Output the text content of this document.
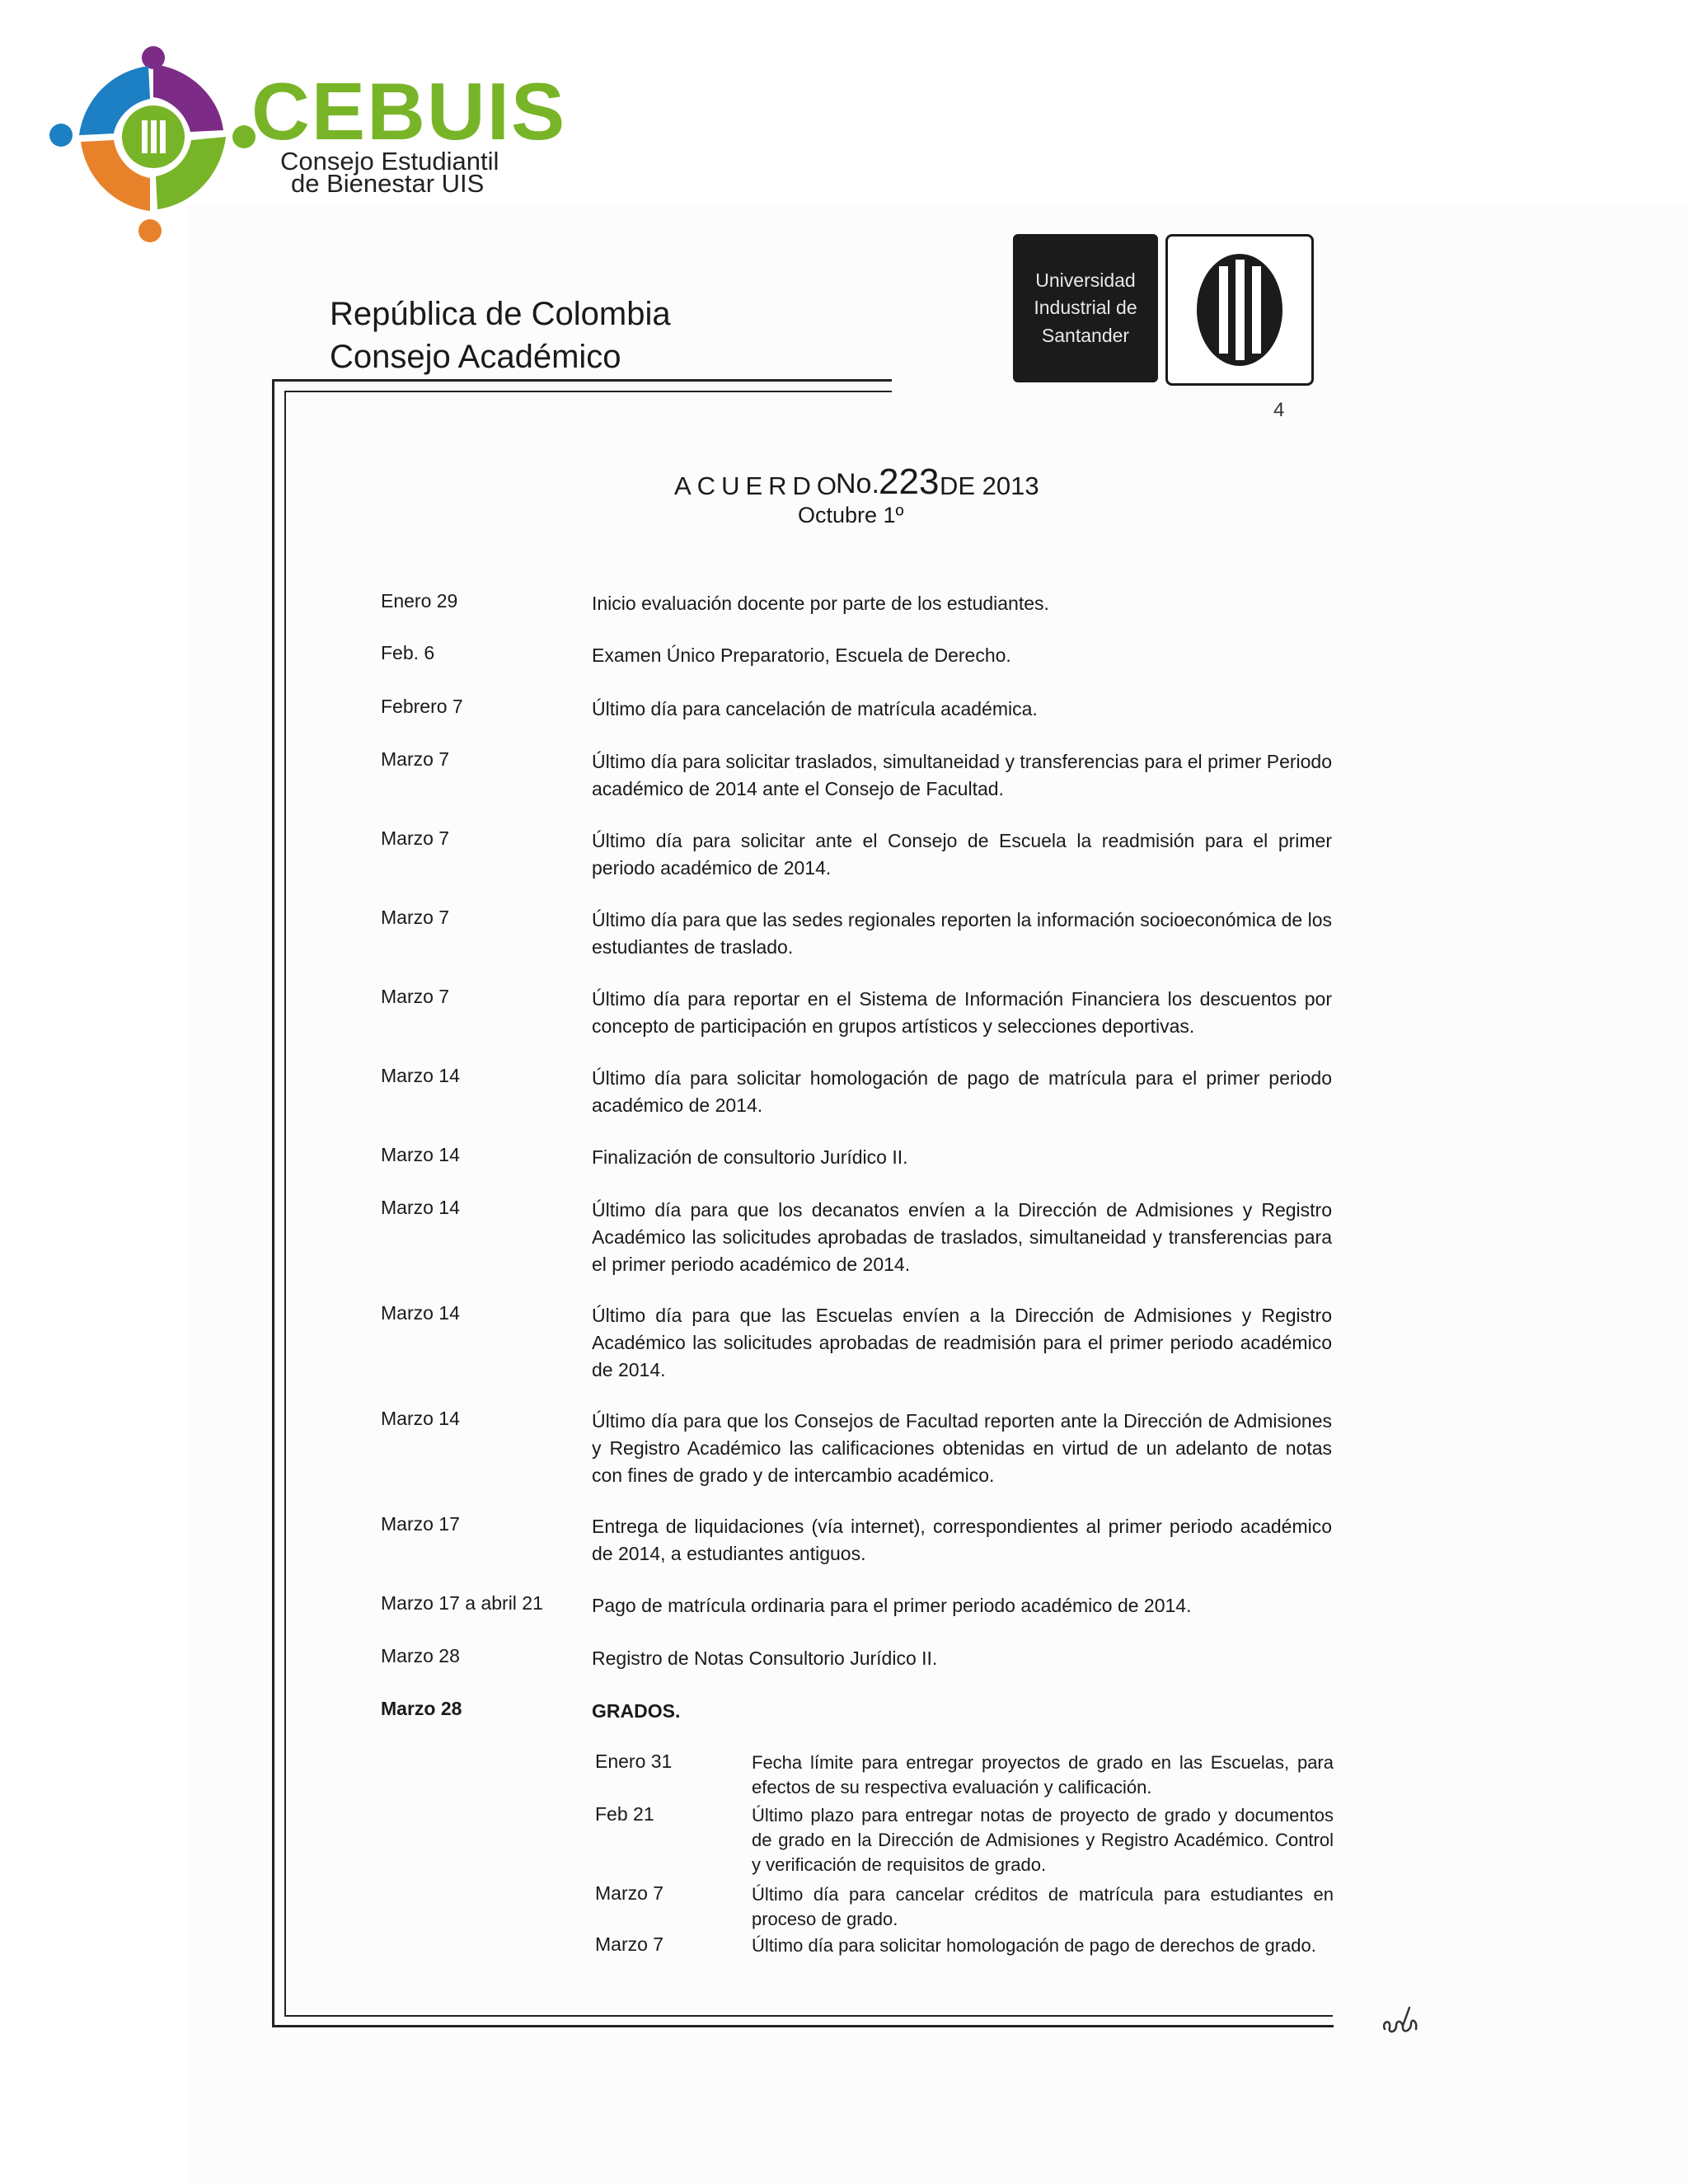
CEBUIS
Consejo Estudiantil
de Bienestar UIS
República de Colombia
Consejo Académico
Universidad
Industrial de
Santander
4
ACUERDO
No. 223 DE 2013
Octubre 1º
Enero 29	Inicio evaluación docente por parte de los estudiantes.
Feb. 6	Examen Único Preparatorio, Escuela de Derecho.
Febrero 7	Último día para cancelación de matrícula académica.
Marzo 7	Último día para solicitar traslados, simultaneidad y transferencias para el primer Periodo académico de 2014 ante el Consejo de Facultad.
Marzo 7	Último día para solicitar ante el Consejo de Escuela la readmisión para el primer periodo académico de 2014.
Marzo 7	Último día para que las sedes regionales reporten la información socioeconómica de los estudiantes de traslado.
Marzo 7	Último día para reportar en el Sistema de Información Financiera los descuentos por concepto de participación en grupos artísticos y selecciones deportivas.
Marzo 14	Último día para solicitar homologación de pago de matrícula para el primer periodo académico de 2014.
Marzo 14	Finalización de consultorio Jurídico II.
Marzo 14	Último día para que los decanatos envíen a la Dirección de Admisiones y Registro Académico las solicitudes aprobadas de traslados, simultaneidad y transferencias para el primer periodo académico de 2014.
Marzo 14	Último día para que las Escuelas envíen a la Dirección de Admisiones y Registro Académico las solicitudes aprobadas de readmisión para el primer periodo académico de 2014.
Marzo 14	Último día para que los Consejos de Facultad reporten ante la Dirección de Admisiones y Registro Académico las calificaciones obtenidas en virtud de un adelanto de notas con fines de grado y de intercambio académico.
Marzo 17	Entrega de liquidaciones (vía internet), correspondientes al primer periodo académico de 2014, a estudiantes antiguos.
Marzo 17 a abril 21	Pago de matrícula ordinaria para el primer periodo académico de 2014.
Marzo 28	Registro de Notas Consultorio Jurídico II.
Marzo 28	GRADOS.
Enero 31	Fecha límite para entregar proyectos de grado en las Escuelas, para efectos de su respectiva evaluación y calificación.
Feb 21	Último plazo para entregar notas de proyecto de grado y documentos de grado en la Dirección de Admisiones y Registro Académico. Control y verificación de requisitos de grado.
Marzo 7	Último día para cancelar créditos de matrícula para estudiantes en proceso de grado.
Marzo 7	Último día para solicitar homologación de pago de derechos de grado.
